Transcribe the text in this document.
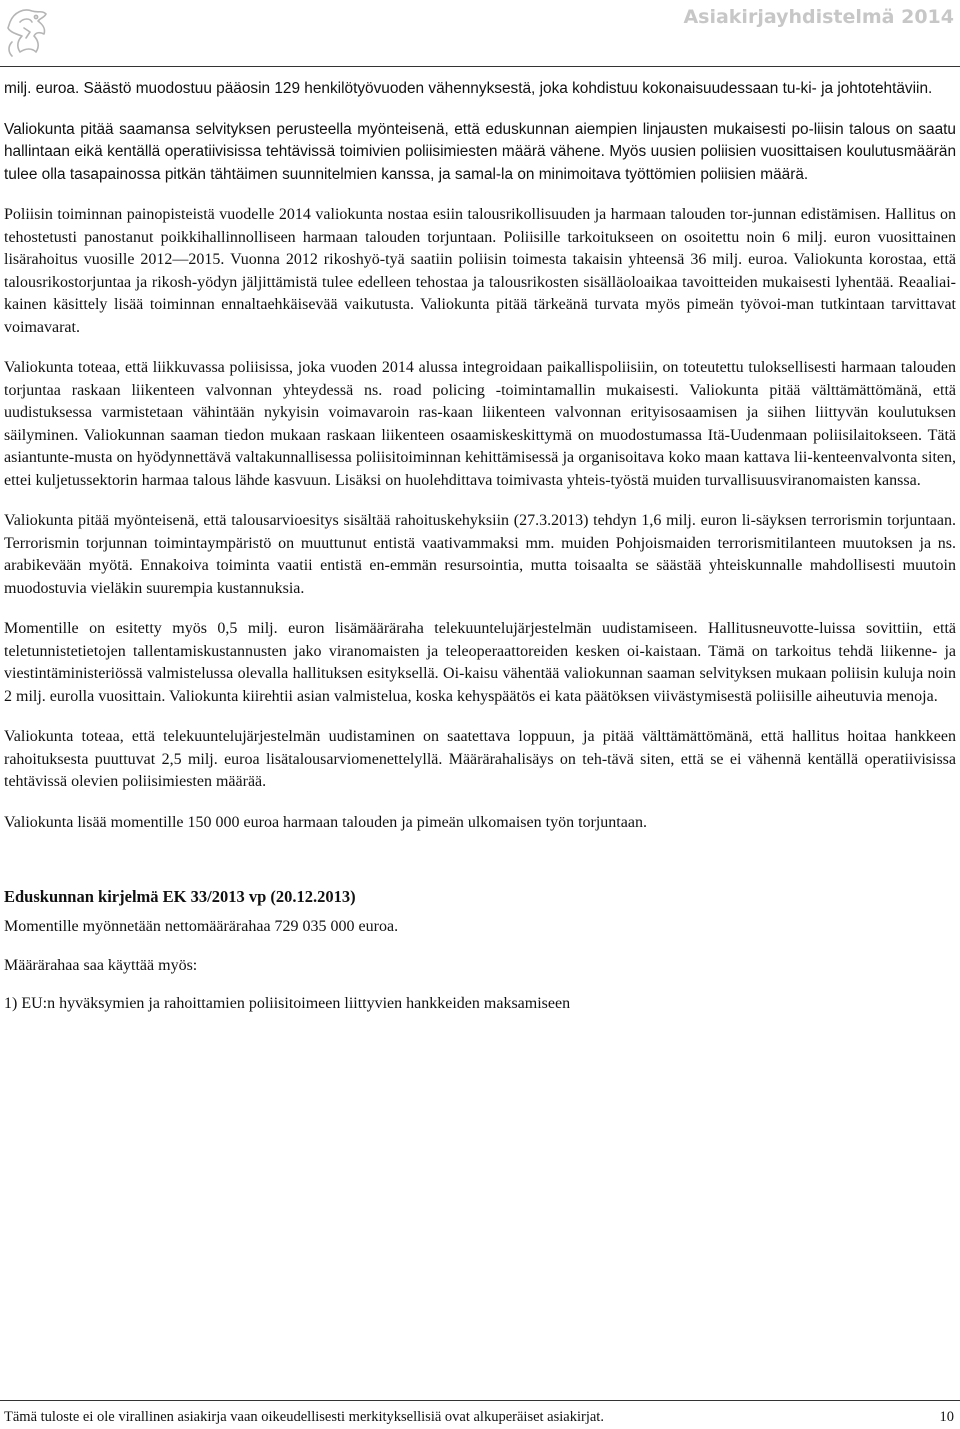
Asiakirjayhdistelmä 2014

milj. euroa. Säästö muodostuu pääosin 129 henkilötyövuoden vähennyksestä, joka kohdistuu kokonaisuudessaan tu-ki- ja johtotehtäviin.

Valiokunta pitää saamansa selvityksen perusteella myönteisenä, että eduskunnan aiempien linjausten mukaisesti po-liisin talous on saatu hallintaan eikä kentällä operatiivisissa tehtävissä toimivien poliisimiesten määrä vähene. Myös uusien poliisien vuosittaisen koulutusmäärän tulee olla tasapainossa pitkän tähtäimen suunnitelmien kanssa, ja samal-la on minimoitava työttömien poliisien määrä.

Poliisin toiminnan painopisteistä vuodelle 2014 valiokunta nostaa esiin talousrikollisuuden ja harmaan talouden tor-junnan edistämisen. Hallitus on tehostetusti panostanut poikkihallinnolliseen harmaan talouden torjuntaan. Poliisille tarkoitukseen on osoitettu noin 6 milj. euron vuosittainen lisärahoitus vuosille 2012—2015. Vuonna 2012 rikoshyö-tyä saatiin poliisin toimesta takaisin yhteensä 36 milj. euroa. Valiokunta korostaa, että talousrikostorjuntaa ja rikosh-yödyn jäljittämistä tulee edelleen tehostaa ja talousrikosten sisälläoloaikaa tavoitteiden mukaisesti lyhentää. Reaaliai-kainen käsittely lisää toiminnan ennaltaehkäisevää vaikutusta. Valiokunta pitää tärkeänä turvata myös pimeän työvoi-man tutkintaan tarvittavat voimavarat.

Valiokunta toteaa, että liikkuvassa poliisissa, joka vuoden 2014 alussa integroidaan paikallispoliisiin, on toteutettu tuloksellisesti harmaan talouden torjuntaa raskaan liikenteen valvonnan yhteydessä ns. road policing -toimintamallin mukaisesti. Valiokunta pitää välttämättömänä, että uudistuksessa varmistetaan vähintään nykyisin voimavaroin ras-kaan liikenteen valvonnan erityisosaamisen ja siihen liittyvän koulutuksen säilyminen. Valiokunnan saaman tiedon mukaan raskaan liikenteen osaamiskeskittymä on muodostumassa Itä-Uudenmaan poliisilaitokseen. Tätä asiantunte-musta on hyödynnettävä valtakunnallisessa poliisitoiminnan kehittämisessä ja organisoitava koko maan kattava lii-kenteenvalvonta siten, ettei kuljetussektorin harmaa talous lähde kasvuun. Lisäksi on huolehdittava toimivasta yhteis-työstä muiden turvallisuusviranomaisten kanssa.

Valiokunta pitää myönteisenä, että talousarvioesitys sisältää rahoituskehyksiin (27.3.2013) tehdyn 1,6 milj. euron li-säyksen terrorismin torjuntaan. Terrorismin torjunnan toimintaympäristö on muuttunut entistä vaativammaksi mm. muiden Pohjoismaiden terrorismitilanteen muutoksen ja ns. arabikevään myötä. Ennakoiva toiminta vaatii entistä en-emmän resursointia, mutta toisaalta se säästää yhteiskunnalle mahdollisesti muutoin muodostuvia vieläkin suurempia kustannuksia.

Momentille on esitetty myös 0,5 milj. euron lisämääräraha telekuuntelujärjestelmän uudistamiseen. Hallitusneuvotte-luissa sovittiin, että teletunnistetietojen tallentamiskustannusten jako viranomaisten ja teleoperaattoreiden kesken oi-kaistaan. Tämä on tarkoitus tehdä liikenne- ja viestintäministeriössä valmistelussa olevalla hallituksen esityksellä. Oi-kaisu vähentää valiokunnan saaman selvityksen mukaan poliisin kuluja noin 2 milj. eurolla vuosittain. Valiokunta kiirehtii asian valmistelua, koska kehyspäätös ei kata päätöksen viivästymisestä poliisille aiheutuvia menoja.

Valiokunta toteaa, että telekuuntelujärjestelmän uudistaminen on saatettava loppuun, ja pitää välttämättömänä, että hallitus hoitaa hankkeen rahoituksesta puuttuvat 2,5 milj. euroa lisätalousarviomenettelyllä. Määrärahalisäys on teh-tävä siten, että se ei vähennä kentällä operatiivisissa tehtävissä olevien poliisimiesten määrää.

Valiokunta lisää momentille 150 000 euroa harmaan talouden ja pimeän ulkomaisen työn torjuntaan.

Eduskunnan kirjelmä EK 33/2013 vp (20.12.2013)

Momentille myönnetään nettomäärärahaa 729 035 000 euroa.

Määrärahaa saa käyttää myös:

1) EU:n hyväksymien ja rahoittamien poliisitoimeen liittyvien hankkeiden maksamiseen

Tämä tuloste ei ole virallinen asiakirja vaan oikeudellisesti merkityksellisiä ovat alkuperäiset asiakirjat.	10
